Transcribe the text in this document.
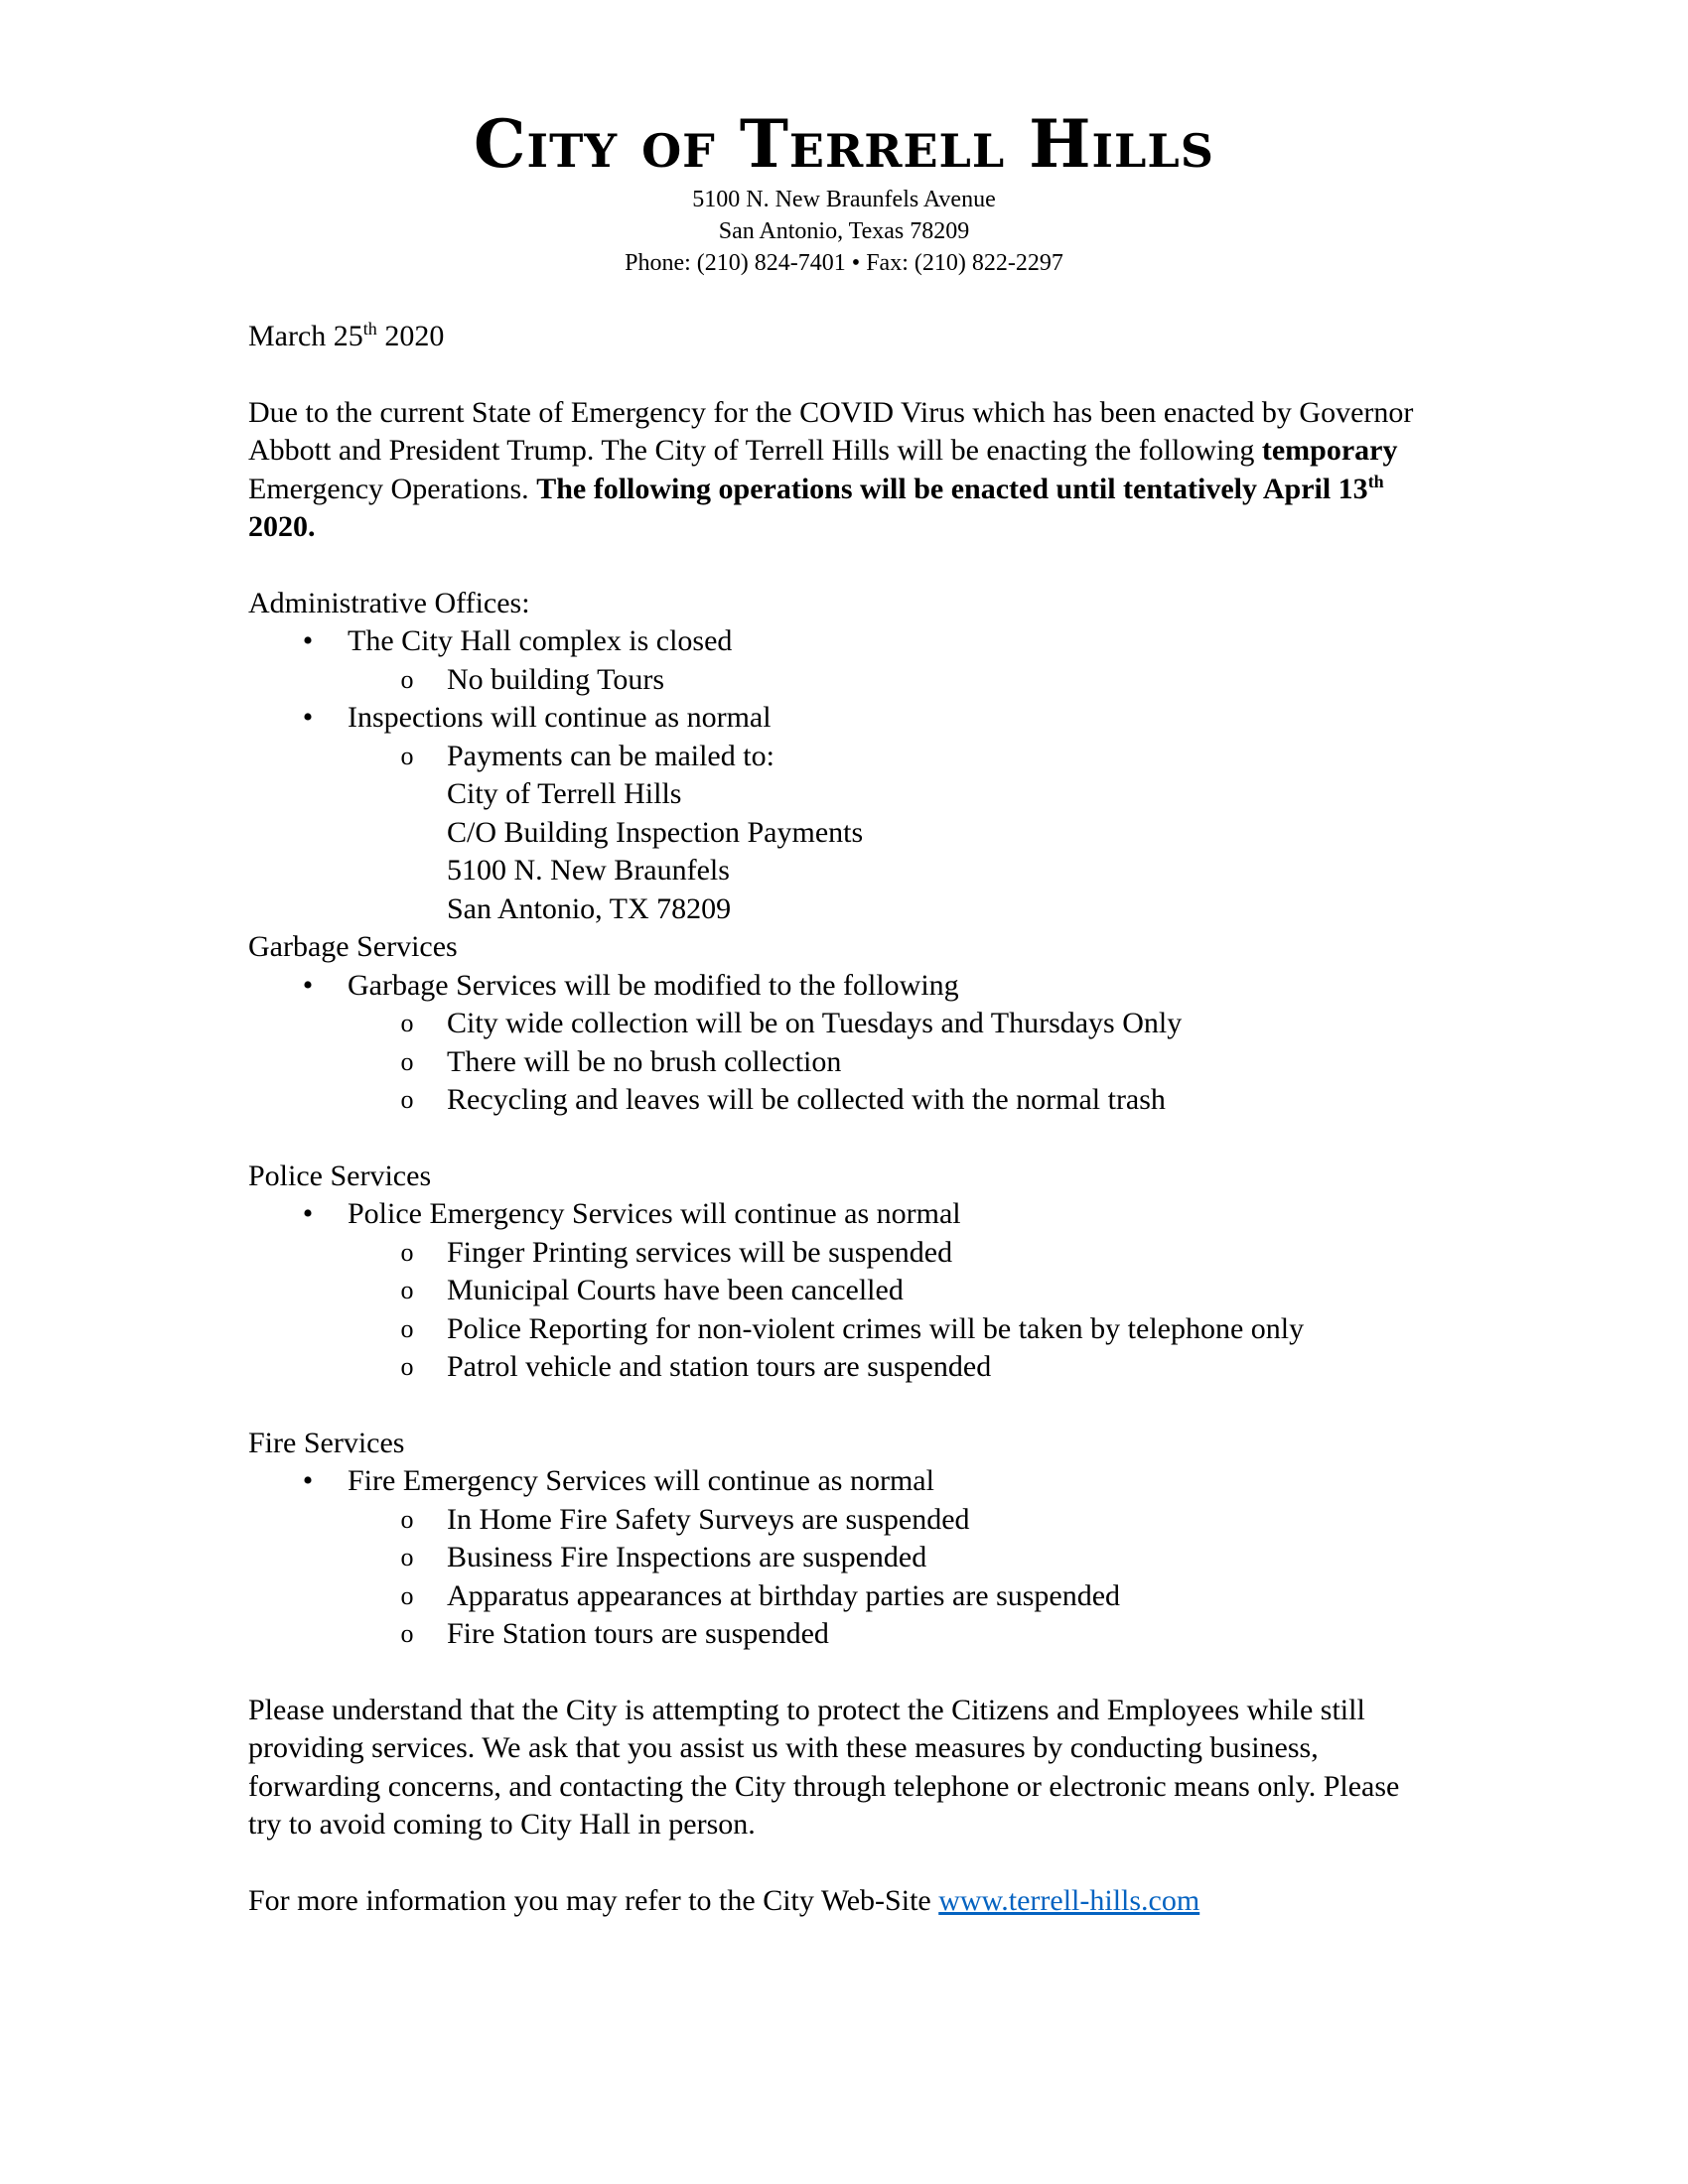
City of Terrell Hills
5100 N. New Braunfels Avenue
San Antonio, Texas 78209
Phone: (210) 824-7401 • Fax: (210) 822-2297
March 25th 2020

Due to the current State of Emergency for the COVID Virus which has been enacted by Governor Abbott and President Trump. The City of Terrell Hills will be enacting the following temporary Emergency Operations. The following operations will be enacted until tentatively April 13th 2020.

Administrative Offices:
• The City Hall complex is closed
o No building Tours
• Inspections will continue as normal
o Payments can be mailed to:
City of Terrell Hills
C/O Building Inspection Payments
5100 N. New Braunfels
San Antonio, TX 78209
Garbage Services
• Garbage Services will be modified to the following
o City wide collection will be on Tuesdays and Thursdays Only
o There will be no brush collection
o Recycling and leaves will be collected with the normal trash
Police Services
• Police Emergency Services will continue as normal
o Finger Printing services will be suspended
o Municipal Courts have been cancelled
o Police Reporting for non-violent crimes will be taken by telephone only
o Patrol vehicle and station tours are suspended
Fire Services
• Fire Emergency Services will continue as normal
o In Home Fire Safety Surveys are suspended
o Business Fire Inspections are suspended
o Apparatus appearances at birthday parties are suspended
o Fire Station tours are suspended

Please understand that the City is attempting to protect the Citizens and Employees while still providing services. We ask that you assist us with these measures by conducting business, forwarding concerns, and contacting the City through telephone or electronic means only. Please try to avoid coming to City Hall in person.

For more information you may refer to the City Web-Site www.terrell-hills.com
